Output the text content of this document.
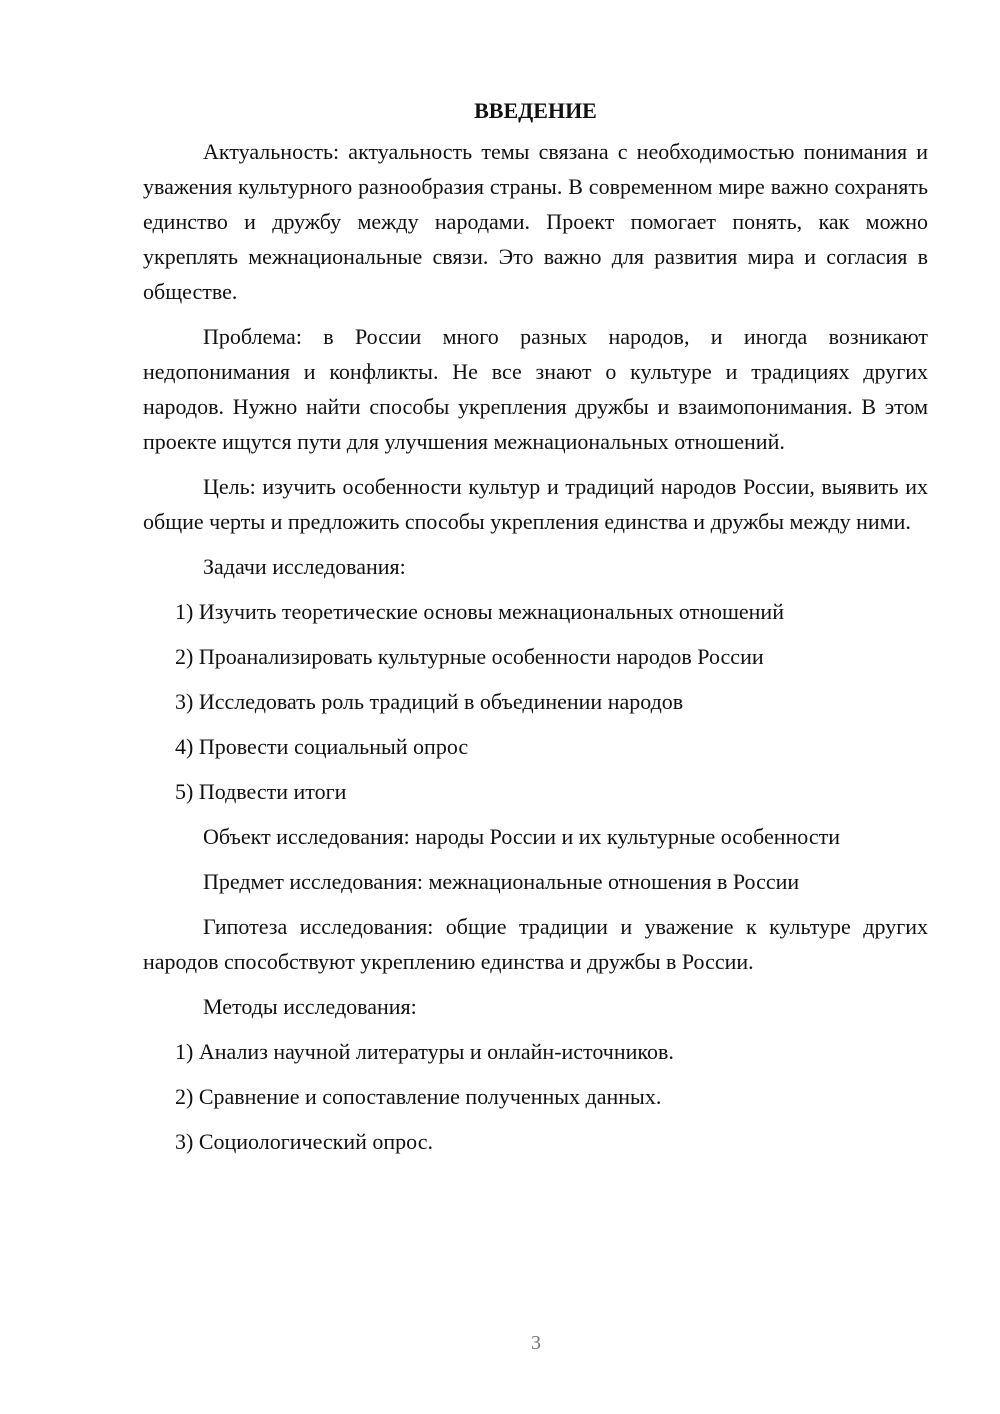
ВВЕДЕНИЕ

Актуальность: актуальность темы связана с необходимостью понимания и уважения культурного разнообразия страны. В современном мире важно сохранять единство и дружбу между народами. Проект помогает понять, как можно укреплять межнациональные связи. Это важно для развития мира и согласия в обществе.

Проблема: в России много разных народов, и иногда возникают недопонимания и конфликты. Не все знают о культуре и традициях других народов. Нужно найти способы укрепления дружбы и взаимопонимания. В этом проекте ищутся пути для улучшения межнациональных отношений.

Цель: изучить особенности культур и традиций народов России, выявить их общие черты и предложить способы укрепления единства и дружбы между ними.

Задачи исследования:
1) Изучить теоретические основы межнациональных отношений
2) Проанализировать культурные особенности народов России
3) Исследовать роль традиций в объединении народов
4) Провести социальный опрос
5) Подвести итоги
Объект исследования: народы России и их культурные особенности
Предмет исследования: межнациональные отношения в России

Гипотеза исследования: общие традиции и уважение к культуре других народов способствуют укреплению единства и дружбы в России.

Методы исследования:
1) Анализ научной литературы и онлайн-источников.
2) Сравнение и сопоставление полученных данных.
3) Социологический опрос.
3
